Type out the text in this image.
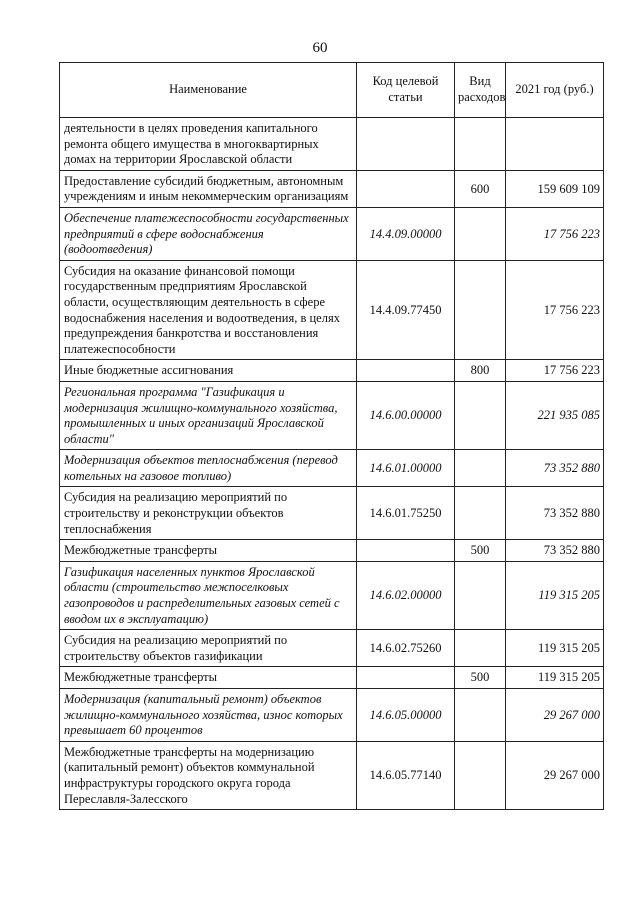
60
Наименование	Код целевой статьи	Вид расходов	2021 год (руб.)
деятельности в целях проведения капитального ремонта общего имущества в многоквартирных домах на территории Ярославской области			
Предоставление субсидий бюджетным, автономным учреждениям и иным некоммерческим организациям		600	159 609 109
Обеспечение платежеспособности государственных предприятий в сфере водоснабжения (водоотведения)	14.4.09.00000		17 756 223
Субсидия на оказание финансовой помощи государственным предприятиям Ярославской области, осуществляющим деятельность в сфере водоснабжения населения и водоотведения, в целях предупреждения банкротства и восстановления платежеспособности	14.4.09.77450		17 756 223
Иные бюджетные ассигнования		800	17 756 223
Региональная программа "Газификация и модернизация жилищно-коммунального хозяйства, промышленных и иных организаций Ярославской области"	14.6.00.00000		221 935 085
Модернизация объектов теплоснабжения (перевод котельных на газовое топливо)	14.6.01.00000		73 352 880
Субсидия на реализацию мероприятий по строительству и реконструкции объектов теплоснабжения	14.6.01.75250		73 352 880
Межбюджетные трансферты		500	73 352 880
Газификация населенных пунктов Ярославской области (строительство межпоселковых газопроводов и распределительных газовых сетей с вводом их в эксплуатацию)	14.6.02.00000		119 315 205
Субсидия на реализацию мероприятий по строительству объектов газификации	14.6.02.75260		119 315 205
Межбюджетные трансферты		500	119 315 205
Модернизация (капитальный ремонт) объектов жилищно-коммунального хозяйства, износ которых превышает 60 процентов	14.6.05.00000		29 267 000
Межбюджетные трансферты на модернизацию (капитальный ремонт) объектов коммунальной инфраструктуры городского округа города Переславля-Залесского	14.6.05.77140		29 267 000
